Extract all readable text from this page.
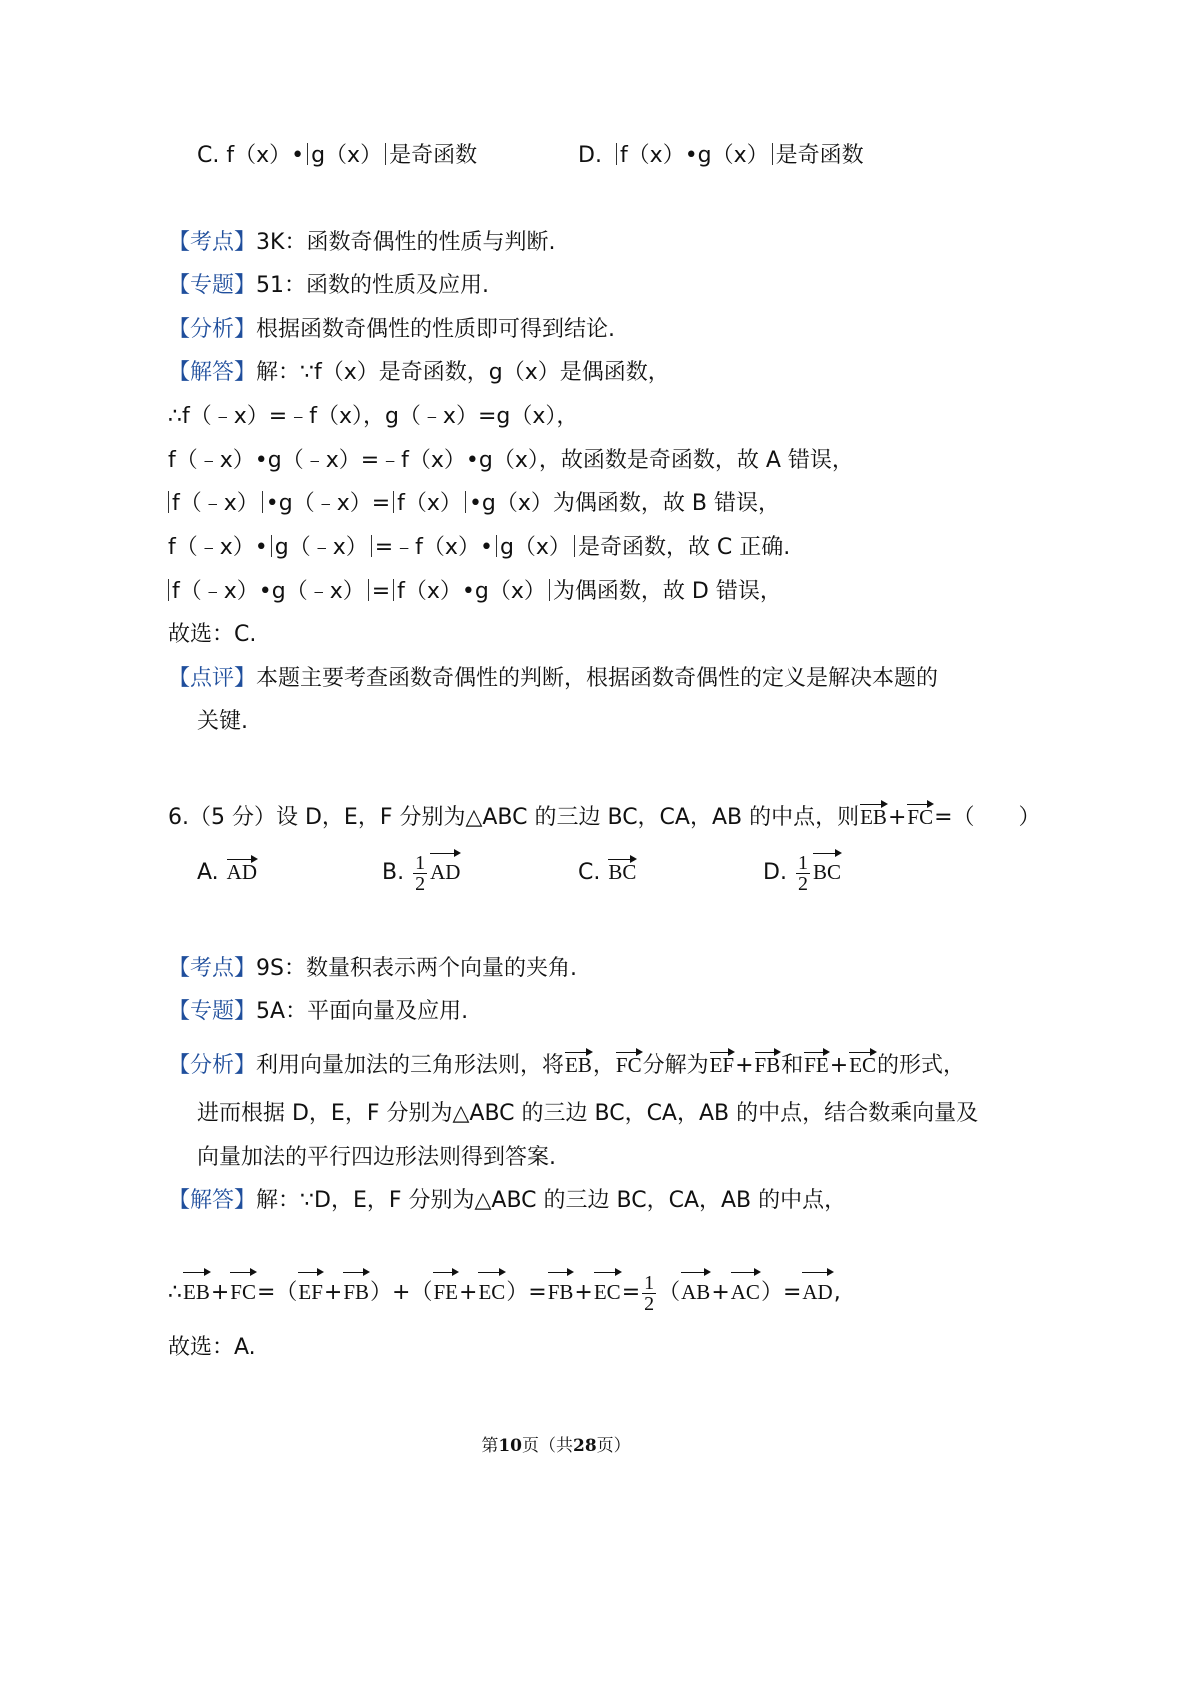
C. f（x）• g（x） 是奇函数	D. f（x）•g（x） 是奇函数
【考点】3K：函数奇偶性的性质与判断.
【专题】51：函数的性质及应用.
【分析】根据函数奇偶性的性质即可得到结论.
【解答】解：∵f（x）是奇函数，g（x）是偶函数，
∴f（﹣x）=﹣f（x），g（﹣x）=g（x），
f（﹣x）•g（﹣x）=﹣f（x）•g（x），故函数是奇函数，故 A 错误，
f（﹣x） •g（﹣x）= f（x） •g（x）为偶函数，故 B 错误，
f（﹣x）• g（﹣x） =﹣f（x）• g（x） 是奇函数，故 C 正确.
f（﹣x）•g（﹣x） = f（x）•g（x） 为偶函数，故 D 错误，
故选：C.
【点评】本题主要考查函数奇偶性的判断，根据函数奇偶性的定义是解决本题的
关键.
6.（5 分）设 D，E，F 分别为△ABC 的三边 BC，CA，AB 的中点，则EB+FC=（　　）
A. AD	B. $\frac{1}{2}$ AD	C. BC	D. $\frac{1}{2}$ BC
【考点】9S：数量积表示两个向量的夹角.
【专题】5A：平面向量及应用.
【分析】利用向量加法的三角形法则，将EB，FC分解为EF+FB和FE+EC的形式，
进而根据 D，E，F 分别为△ABC 的三边 BC，CA，AB 的中点，结合数乘向量及
向量加法的平行四边形法则得到答案.
【解答】解：∵D，E，F 分别为△ABC 的三边 BC，CA，AB 的中点，
∴EB+FC=（EF+FB）+（FE+EC）=FB+EC= $\frac{1}{2} (AB+AC)=AD$,
故选：A.
第10页（共28页）
